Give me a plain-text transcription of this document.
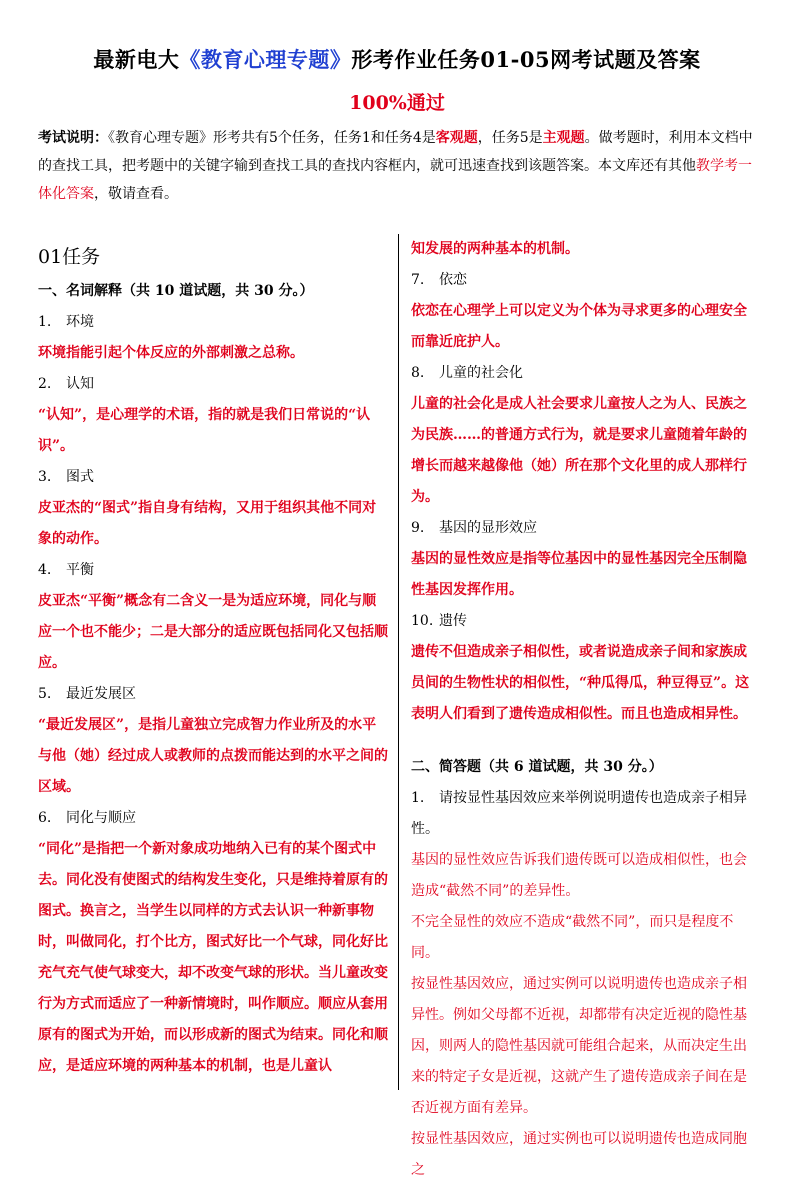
最新电大《教育心理专题》形考作业任务01-05网考试题及答案
100%通过
考试说明：《教育心理专题》形考共有5个任务，任务1和任务4是客观题，任务5是主观题。做考题时，利用本文档中的查找工具，把考题中的关键字输到查找工具的查找内容框内，就可迅速查找到该题答案。本文库还有其他教学考一体化答案，敬请查看。
01任务
一、名词解释（共 10 道试题，共 30 分。）
1. 环境
环境指能引起个体反应的外部刺激之总称。
2. 认知
“认知”，是心理学的术语，指的就是我们日常说的“认识”。
3. 图式
皮亚杰的“图式”指自身有结构，又用于组织其他不同对象的动作。
4. 平衡
皮亚杰“平衡”概念有二含义一是为适应环境，同化与顺应一个也不能少；二是大部分的适应既包括同化又包括顺应。
5. 最近发展区
“最近发展区”，是指儿童独立完成智力作业所及的水平与他（她）经过成人或教师的点拨而能达到的水平之间的区域。
6. 同化与顺应
“同化”是指把一个新对象成功地纳入已有的某个图式中去。同化没有使图式的结构发生变化，只是维持着原有的图式。换言之，当学生以同样的方式去认识一种新事物时，叫做同化，打个比方，图式好比一个气球，同化好比充气充气使气球变大，却不改变气球的形状。当儿童改变行为方式而适应了一种新情境时，叫作顺应。顺应从套用原有的图式为开始，而以形成新的图式为结束。同化和顺应，是适应环境的两种基本的机制，也是儿童认
知发展的两种基本的机制。
7. 依恋
依恋在心理学上可以定义为个体为寻求更多的心理安全而靠近庇护人。
8. 儿童的社会化
儿童的社会化是成人社会要求儿童按人之为人、民族之为民族……的普通方式行为，就是要求儿童随着年龄的增长而越来越像他（她）所在那个文化里的成人那样行为。
9. 基因的显形效应
基因的显性效应是指等位基因中的显性基因完全压制隐性基因发挥作用。
10. 遗传
遗传不但造成亲子相似性，或者说造成亲子间和家族成员间的生物性状的相似性，“种瓜得瓜，种豆得豆”。这表明人们看到了遗传造成相似性。而且也造成相异性。
二、简答题（共 6 道试题，共 30 分。）
1. 请按显性基因效应来举例说明遗传也造成亲子相异性。
基因的显性效应告诉我们遗传既可以造成相似性，也会造成“截然不同”的差异性。
不完全显性的效应不造成“截然不同”，而只是程度不同。
按显性基因效应，通过实例可以说明遗传也造成亲子相异性。例如父母都不近视，却都带有决定近视的隐性基因，则两人的隐性基因就可能组合起来，从而决定生出来的特定子女是近视，这就产生了遗传造成亲子间在是否近视方面有差异。
按显性基因效应，通过实例也可以说明遗传也造成同胞之
